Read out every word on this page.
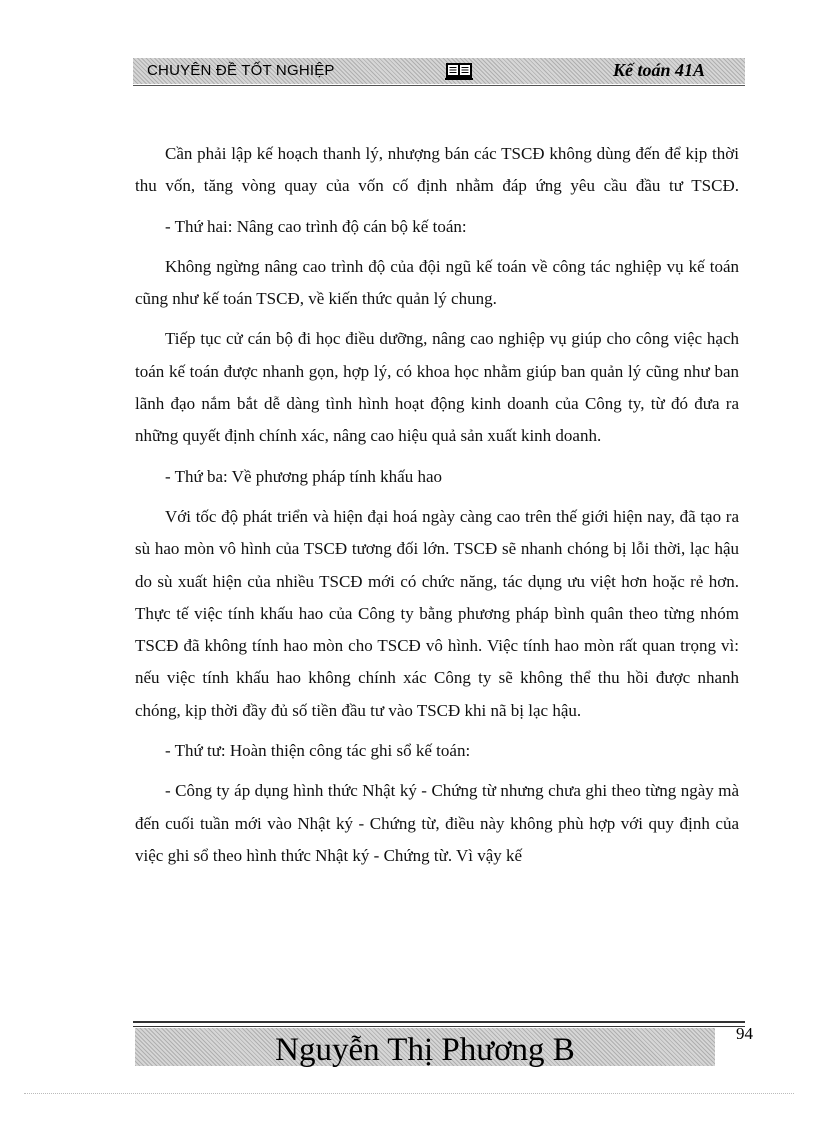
CHUYÊN ĐỀ TỐT NGHIỆP	Kế toán 41A

Cần phải lập kế hoạch thanh lý, nhượng bán các TSCĐ không dùng đến để kịp thời thu vốn, tăng vòng quay của vốn cố định nhằm đáp ứng yêu cầu đầu tư TSCĐ.

- Thứ hai: Nâng cao trình độ cán bộ kế toán:

Không ngừng nâng cao trình độ của đội ngũ kế toán về công tác nghiệp vụ kế toán cũng như kế toán TSCĐ, về kiến thức quản lý chung.

Tiếp tục cử cán bộ đi học điều dưỡng, nâng cao nghiệp vụ giúp cho công việc hạch toán kế toán được nhanh gọn, hợp lý, có khoa học nhằm giúp ban quản lý cũng như ban lãnh đạo nắm bắt dễ dàng tình hình hoạt động kinh doanh của Công ty, từ đó đưa ra những quyết định chính xác, nâng cao hiệu quả sản xuất kinh doanh.

- Thứ ba: Về phương pháp tính khấu hao

Với tốc độ phát triển và hiện đại hoá ngày càng cao trên thế giới hiện nay, đã tạo ra sù hao mòn vô hình của TSCĐ tương đối lớn. TSCĐ sẽ nhanh chóng bị lỗi thời, lạc hậu do sù xuất hiện của nhiều TSCĐ mới có chức năng, tác dụng ưu việt hơn hoặc rẻ hơn. Thực tế việc tính khấu hao của Công ty bằng phương pháp bình quân theo từng nhóm TSCĐ đã không tính hao mòn cho TSCĐ vô hình. Việc tính hao mòn rất quan trọng vì: nếu việc tính khấu hao không chính xác Công ty sẽ không thể thu hồi được nhanh chóng, kịp thời đầy đủ số tiền đầu tư vào TSCĐ khi nã bị lạc hậu.

- Thứ tư: Hoàn thiện công tác ghi sổ kế toán:

- Công ty áp dụng hình thức Nhật ký - Chứng từ nhưng chưa ghi theo từng ngày mà đến cuối tuần mới vào Nhật ký - Chứng từ, điều này không phù hợp với quy định của việc ghi sổ theo hình thức Nhật ký - Chứng từ. Vì vậy kế

Nguyễn Thị Phương B	94
